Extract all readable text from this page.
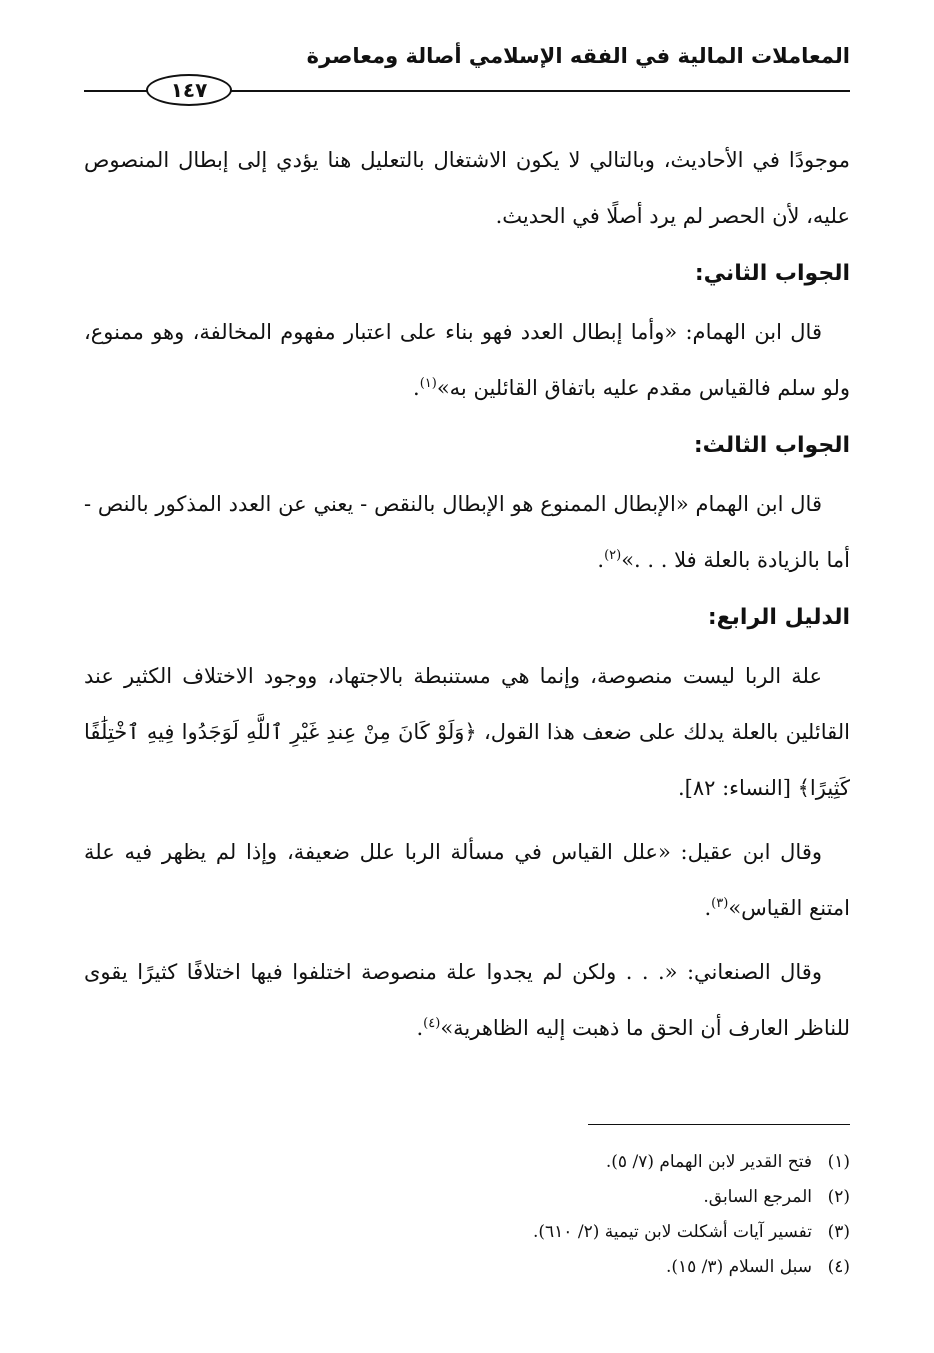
المعاملات المالية في الفقه الإسلامي أصالة ومعاصرة
١٤٧

موجودًا في الأحاديث، وبالتالي لا يكون الاشتغال بالتعليل هنا يؤدي إلى إبطال المنصوص عليه، لأن الحصر لم يرد أصلًا في الحديث.

الجواب الثاني:

قال ابن الهمام: «وأما إبطال العدد فهو بناء على اعتبار مفهوم المخالفة، وهو ممنوع، ولو سلم فالقياس مقدم عليه باتفاق القائلين به»$^{(١)}$.

الجواب الثالث:

قال ابن الهمام «الإبطال الممنوع هو الإبطال بالنقص - يعني عن العدد المذكور بالنص - أما بالزيادة بالعلة فلا . . .»$^{(٢)}$.

الدليل الرابع:

علة الربا ليست منصوصة، وإنما هي مستنبطة بالاجتهاد، ووجود الاختلاف الكثير عند القائلين بالعلة يدلك على ضعف هذا القول، ﴿وَلَوْ كَانَ مِنْ عِندِ غَيْرِ ٱللَّهِ لَوَجَدُوا فِيهِ ٱخْتِلَٰفًا كَثِيرًا﴾ [النساء: ٨٢].

وقال ابن عقيل: «علل القياس في مسألة الربا علل ضعيفة، وإذا لم يظهر فيه علة امتنع القياس»$^{(٣)}$.

وقال الصنعاني: «. . . ولكن لم يجدوا علة منصوصة اختلفوا فيها اختلافًا كثيرًا يقوى للناظر العارف أن الحق ما ذهبت إليه الظاهرية»$^{(٤)}$.

(١)
فتح القدير لابن الهمام (٧/ ٥).
(٢)
المرجع السابق.
(٣)
تفسير آيات أشكلت لابن تيمية (٢/ ٦١٠).
(٤)
سبل السلام (٣/ ١٥).
